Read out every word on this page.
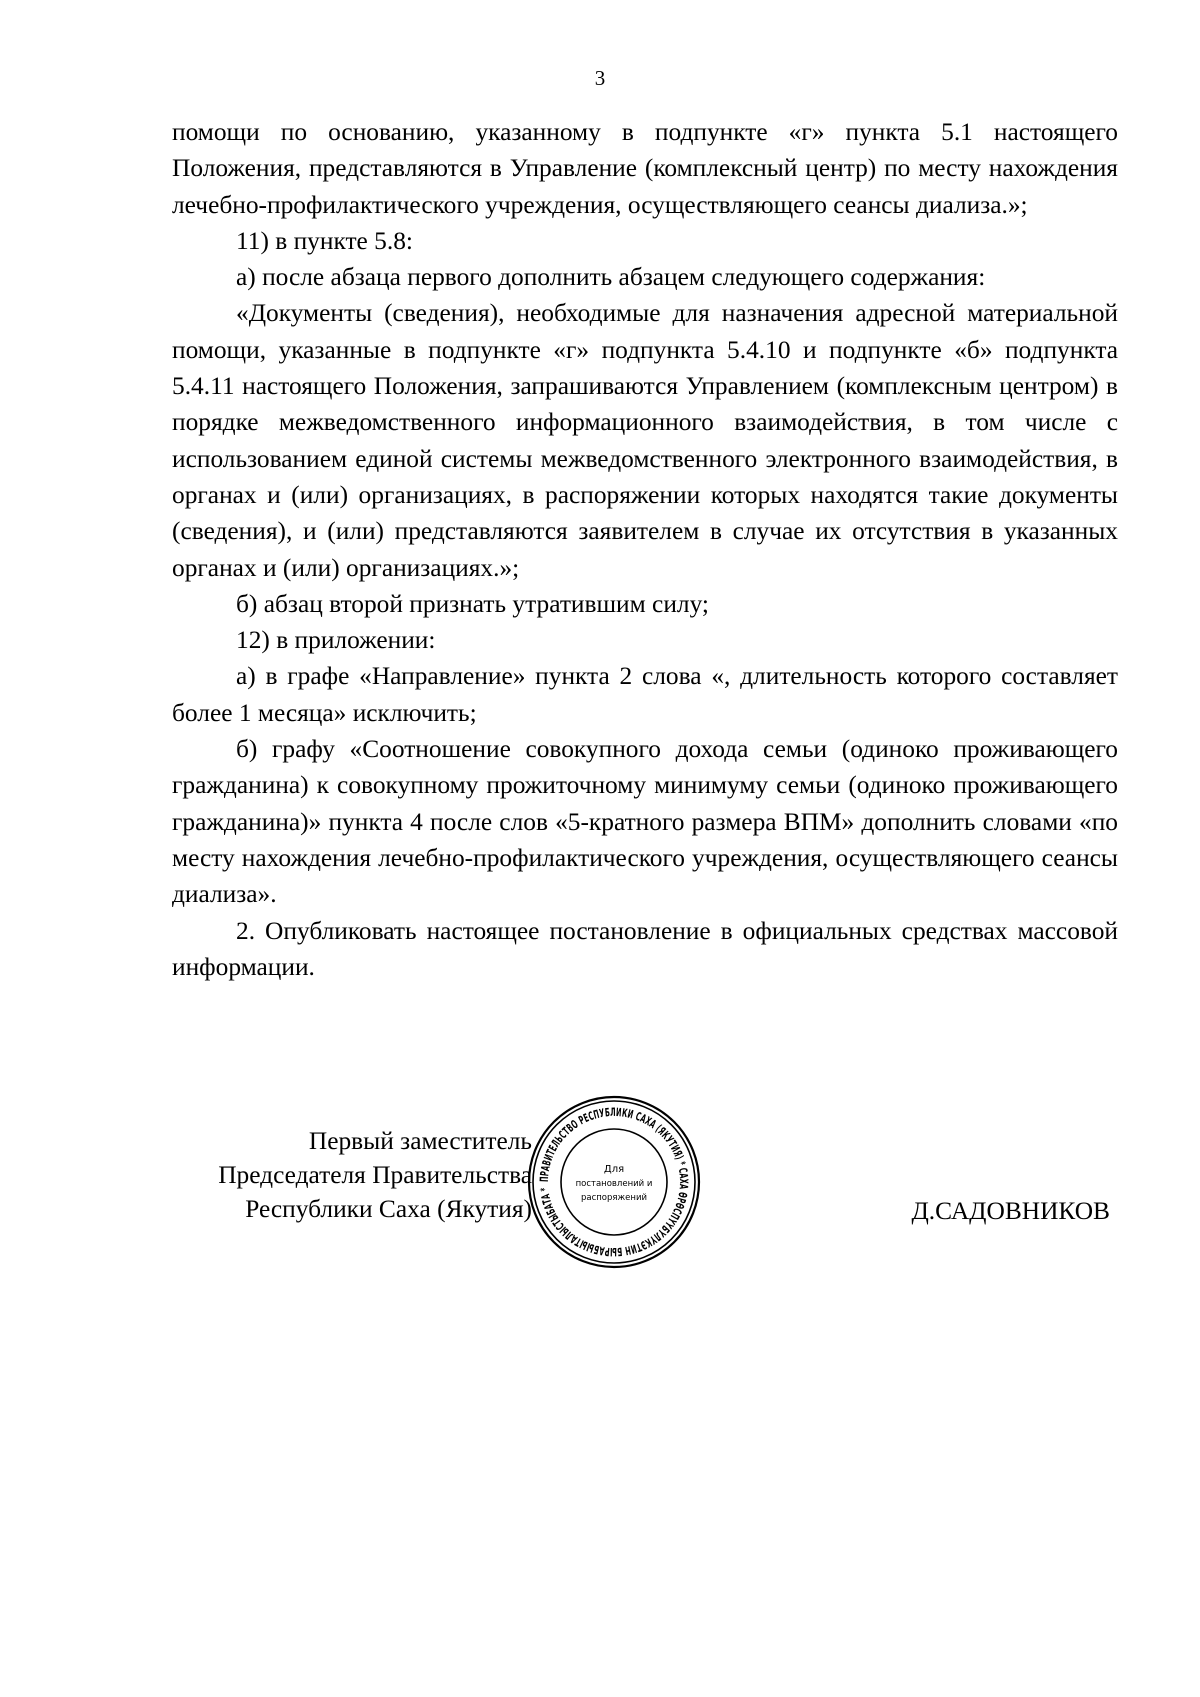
3

помощи по основанию, указанному в подпункте «г» пункта 5.1 настоящего Положения, представляются в Управление (комплексный центр) по месту нахождения лечебно-профилактического учреждения, осуществляющего сеансы диализа.»;

11) в пункте 5.8:

а) после абзаца первого дополнить абзацем следующего содержания:

«Документы (сведения), необходимые для назначения адресной материальной помощи, указанные в подпункте «г» подпункта 5.4.10 и подпункте «б» подпункта 5.4.11 настоящего Положения, запрашиваются Управлением (комплексным центром) в порядке межведомственного информационного взаимодействия, в том числе с использованием единой системы межведомственного электронного взаимодействия, в органах и (или) организациях, в распоряжении которых находятся такие документы (сведения), и (или) представляются заявителем в случае их отсутствия в указанных органах и (или) организациях.»;

б) абзац второй признать утратившим силу;

12) в приложении:

а) в графе «Направление» пункта 2 слова «, длительность которого составляет более 1 месяца» исключить;

б) графу «Соотношение совокупного дохода семьи (одиноко проживающего гражданина) к совокупному прожиточному минимуму семьи (одиноко проживающего гражданина)» пункта 4 после слов «5-кратного размера ВПМ» дополнить словами «по месту нахождения лечебно-профилактического учреждения, осуществляющего сеансы диализа».

2. Опубликовать настоящее постановление в официальных средствах массовой информации.

Первый заместитель
Председателя Правительства
Республики Саха (Якутия)	Д.САДОВНИКОВ
ПРАВИТЕЛЬСТВО РЕСПУБЛИКИ САХА (ЯКУТИЯ) * САХА ӨРӨСПҮҮБҮЛҮКЭТИН БЫРАБЫЫТАЛЫСТЫБАТА *
Для
постановлений и
распоряжений
